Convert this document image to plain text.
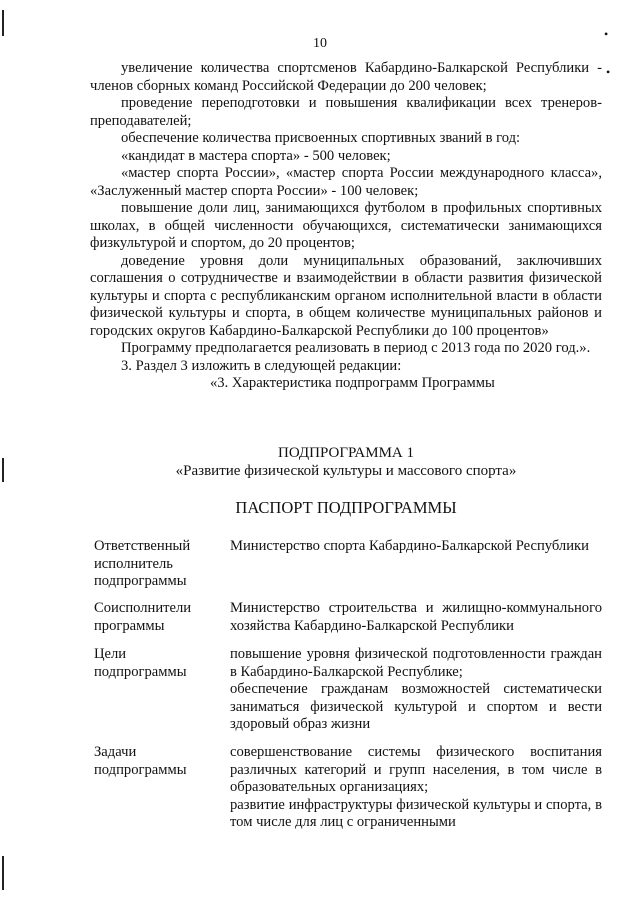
•
•
10

увеличение количества спортсменов Кабардино-Балкарской Республики - членов сборных команд Российской Федерации до 200 человек;

проведение переподготовки и повышения квалификации всех тренеров-преподавателей;

обеспечение количества присвоенных спортивных званий в год:

«кандидат в мастера спорта» - 500 человек;

«мастер спорта России», «мастер спорта России международного класса», «Заслуженный мастер спорта России» - 100 человек;

повышение доли лиц, занимающихся футболом в профильных спортивных школах, в общей численности обучающихся, систематически занимающихся физкультурой и спортом, до 20 процентов;

доведение уровня доли муниципальных образований, заключивших соглашения о сотрудничестве и взаимодействии в области развития физической культуры и спорта с республиканским органом исполнительной власти в области физической культуры и спорта, в общем количестве муниципальных районов и городских округов Кабардино-Балкарской Республики до 100 процентов»

Программу предполагается реализовать в период с 2013 года по 2020 год.».

3. Раздел 3 изложить в следующей редакции:

«3. Характеристика подпрограмм Программы

ПОДПРОГРАММА 1
«Развитие физической культуры и массового спорта»
ПАСПОРТ ПОДПРОГРАММЫ
Ответственный исполнитель подпрограммы

Министерство спорта Кабардино-Балкарской Республики

Соисполнители программы

Министерство строительства и жилищно-коммунального хозяйства Кабардино-Балкарской Республики

Цели подпрограммы

повышение уровня физической подготовленности граждан в Кабардино-Балкарской Республике;

обеспечение гражданам возможностей систематически заниматься физической культурой и спортом и вести здоровый образ жизни

Задачи подпрограммы

совершенствование системы физического воспитания различных категорий и групп населения, в том числе в образовательных организациях;

развитие инфраструктуры физической культуры и спорта, в том числе для лиц с ограниченными
